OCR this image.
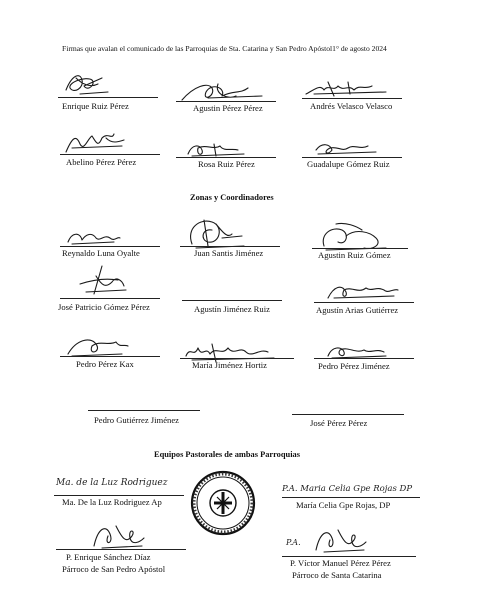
Firmas que avalan el comunicado de las Parroquias de Sta. Catarina y San Pedro Apóstol1° de agosto 2024
Enrique Ruiz Pérez	Agustin Pérez Pérez	Andrés Velasco Velasco
Abelino Pérez Pérez	Rosa Ruiz Pérez	Guadalupe Gómez Ruiz
Zonas y Coordinadores
Reynaldo Luna Oyalte	Juan Santis Jiménez	Agustin Ruiz Gómez
José Patricio Gómez Pérez	Agustín Jiménez Ruiz	Agustín Arias Gutiérrez
Pedro Pérez Kax	María Jiménez Hortiz	Pedro Pérez Jiménez
Pedro Gutiérrez Jiménez	José Pérez Pérez
Equipos Pastorales de ambas Parroquias
Ma. de la Luz Rodriguez
Ma. De la Luz Rodriguez Ap
P.A. Maria Celia Gpe Rojas DP
María Celia Gpe Rojas, DP
P. Enrique Sánchez Díaz
Párroco de San Pedro Apóstol
P.A.
P. Víctor Manuel Pérez Pérez
Párroco de Santa Catarina
